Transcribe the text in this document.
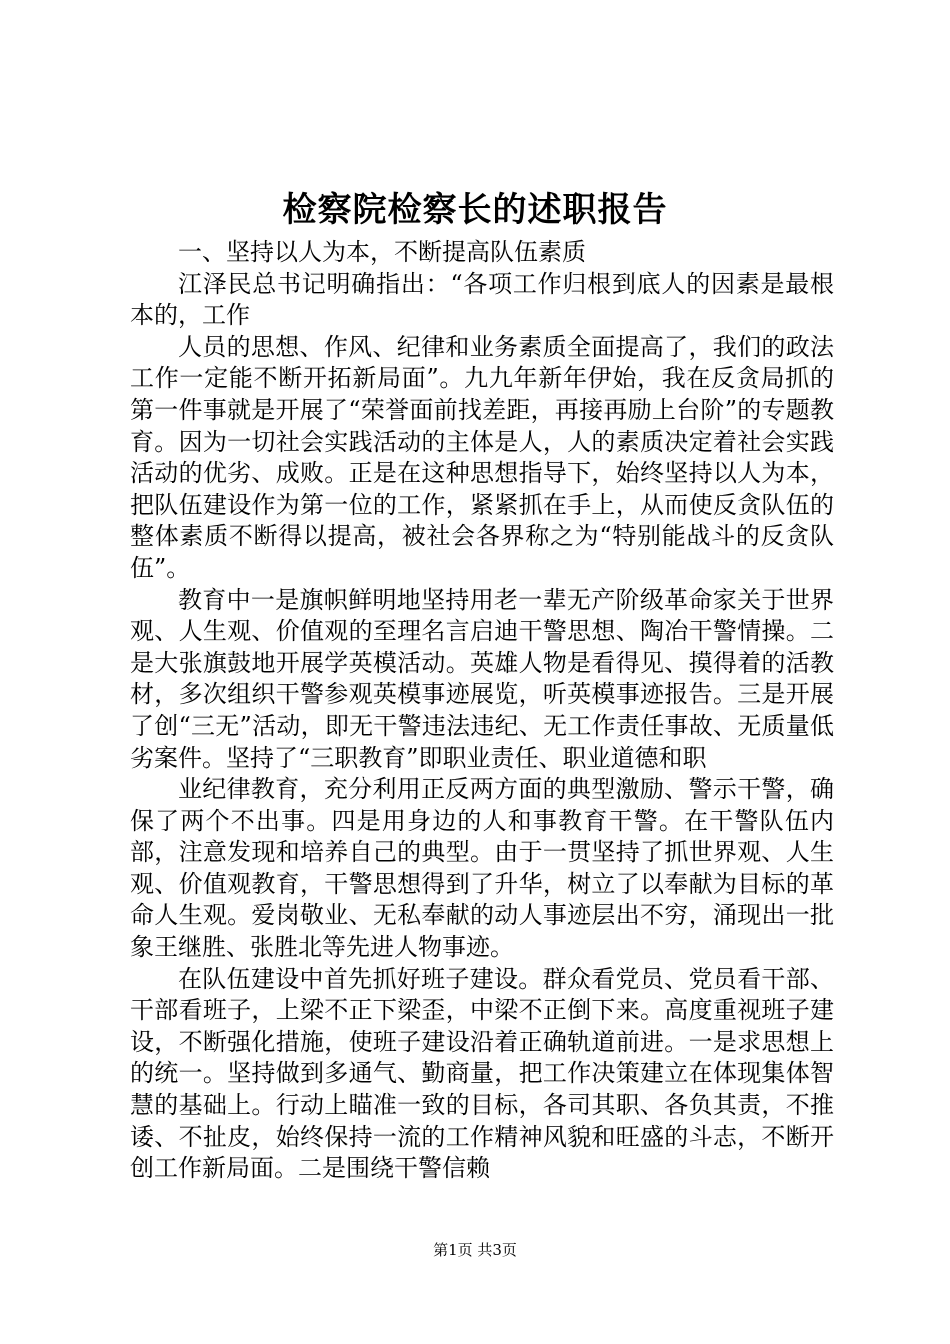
检察院检察长的述职报告

一、坚持以人为本，不断提高队伍素质

江泽民总书记明确指出：“各项工作归根到底人的因素是最根本的，工作

人员的思想、作风、纪律和业务素质全面提高了，我们的政法工作一定能不断开拓新局面”。九九年新年伊始，我在反贪局抓的第一件事就是开展了“荣誉面前找差距，再接再励上台阶”的专题教育。因为一切社会实践活动的主体是人，人的素质决定着社会实践活动的优劣、成败。正是在这种思想指导下，始终坚持以人为本，把队伍建设作为第一位的工作，紧紧抓在手上，从而使反贪队伍的整体素质不断得以提高，被社会各界称之为“特别能战斗的反贪队伍”。

教育中一是旗帜鲜明地坚持用老一辈无产阶级革命家关于世界观、人生观、价值观的至理名言启迪干警思想、陶冶干警情操。二是大张旗鼓地开展学英模活动。英雄人物是看得见、摸得着的活教材，多次组织干警参观英模事迹展览，听英模事迹报告。三是开展了创“三无”活动，即无干警违法违纪、无工作责任事故、无质量低劣案件。坚持了“三职教育”即职业责任、职业道德和职

业纪律教育，充分利用正反两方面的典型激励、警示干警，确保了两个不出事。四是用身边的人和事教育干警。在干警队伍内部，注意发现和培养自己的典型。由于一贯坚持了抓世界观、人生观、价值观教育，干警思想得到了升华，树立了以奉献为目标的革命人生观。爱岗敬业、无私奉献的动人事迹层出不穷，涌现出一批象王继胜、张胜北等先进人物事迹。

在队伍建设中首先抓好班子建设。群众看党员、党员看干部、干部看班子，上梁不正下梁歪，中梁不正倒下来。高度重视班子建设，不断强化措施，使班子建设沿着正确轨道前进。一是求思想上的统一。坚持做到多通气、勤商量，把工作决策建立在体现集体智慧的基础上。行动上瞄准一致的目标，各司其职、各负其责，不推诿、不扯皮，始终保持一流的工作精神风貌和旺盛的斗志，不断开创工作新局面。二是围绕干警信赖

第1页 共3页
